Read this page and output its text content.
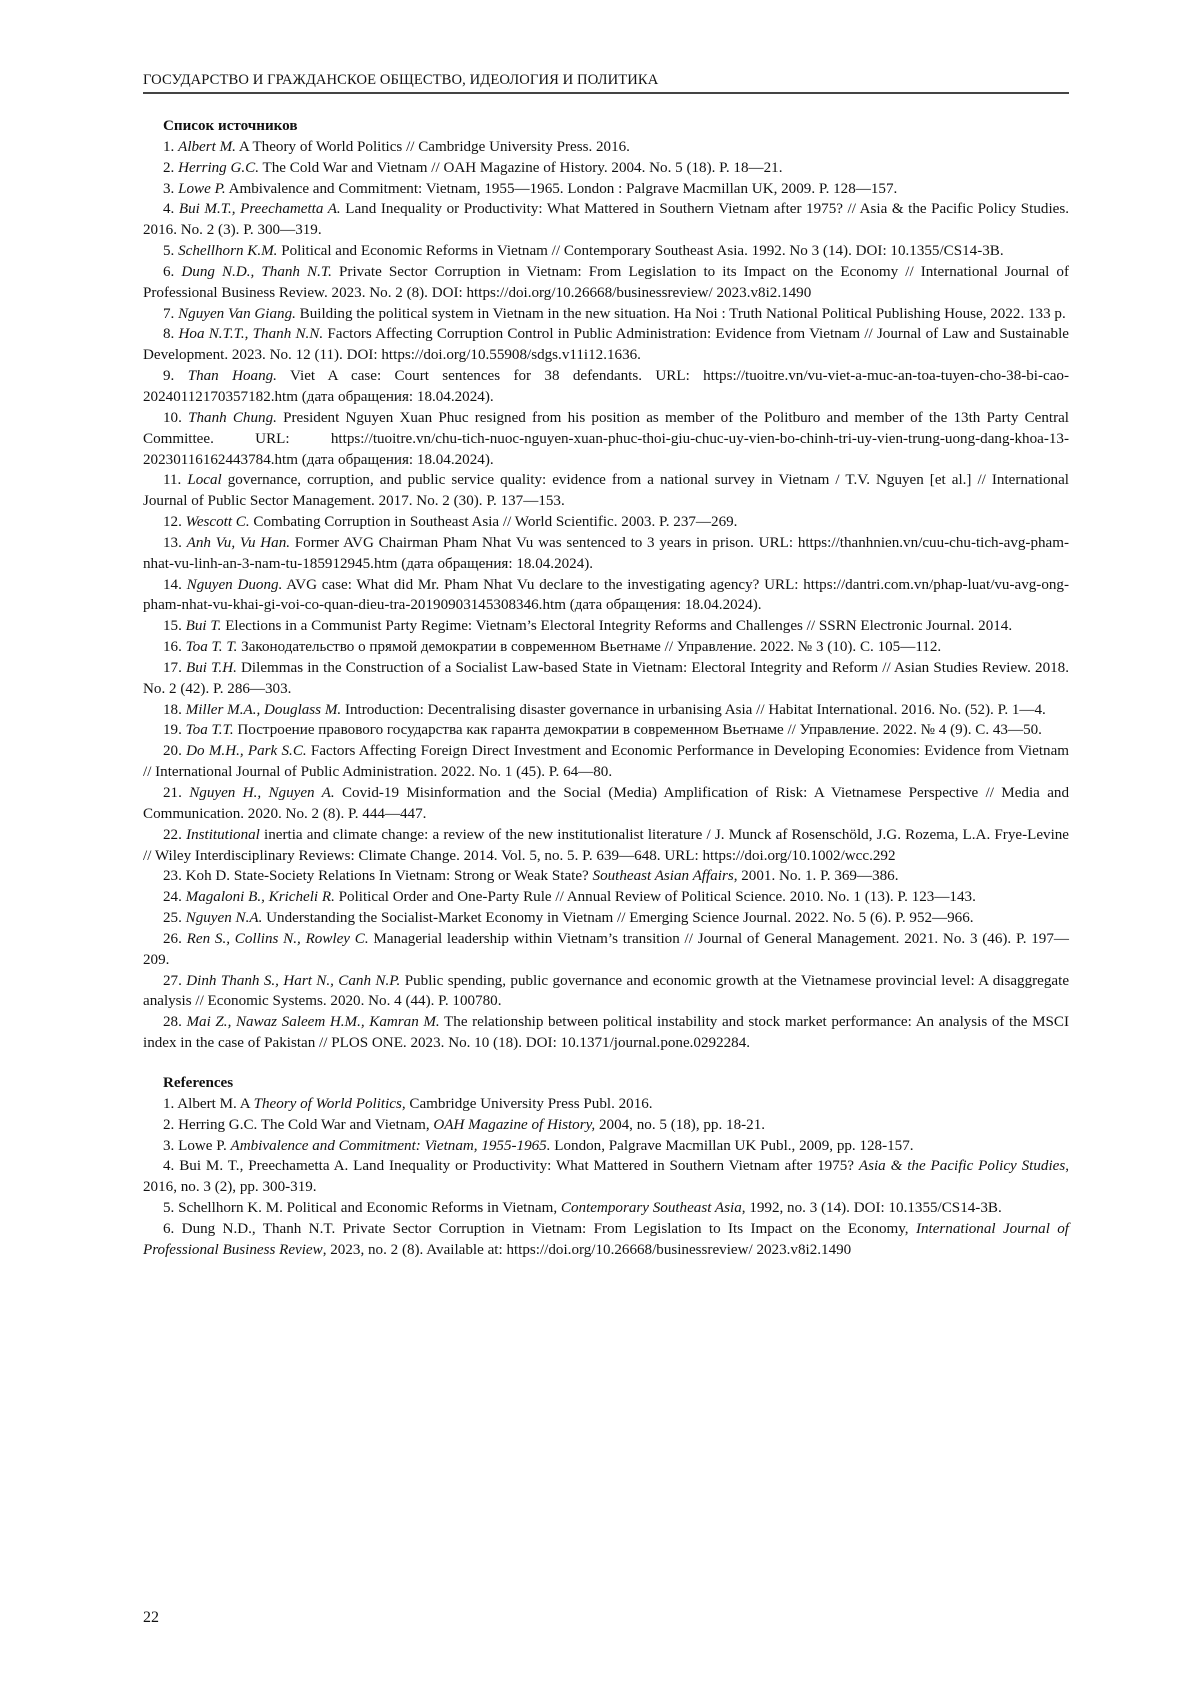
ГОСУДАРСТВО И ГРАЖДАНСКОЕ ОБЩЕСТВО, ИДЕОЛОГИЯ И ПОЛИТИКА
Список источников
1. Albert M. A Theory of World Politics // Cambridge University Press. 2016.
2. Herring G.C. The Cold War and Vietnam // OAH Magazine of History. 2004. No. 5 (18). P. 18—21.
3. Lowe P. Ambivalence and Commitment: Vietnam, 1955—1965. London : Palgrave Macmillan UK, 2009. P. 128—157.
4. Bui M.T., Preechametta A. Land Inequality or Productivity: What Mattered in Southern Vietnam after 1975? // Asia & the Pacific Policy Studies. 2016. No. 2 (3). P. 300—319.
5. Schellhorn K.M. Political and Economic Reforms in Vietnam // Contemporary Southeast Asia. 1992. No 3 (14). DOI: 10.1355/CS14-3B.
6. Dung N.D., Thanh N.T. Private Sector Corruption in Vietnam: From Legislation to its Impact on the Economy // International Journal of Professional Business Review. 2023. No. 2 (8). DOI: https://doi.org/10.26668/businessreview/ 2023.v8i2.1490
7. Nguyen Van Giang. Building the political system in Vietnam in the new situation. Ha Noi : Truth National Political Publishing House, 2022. 133 p.
8. Hoa N.T.T., Thanh N.N. Factors Affecting Corruption Control in Public Administration: Evidence from Vietnam // Journal of Law and Sustainable Development. 2023. No. 12 (11). DOI: https://doi.org/10.55908/sdgs.v11i12.1636.
9. Than Hoang. Viet A case: Court sentences for 38 defendants. URL: https://tuoitre.vn/vu-viet-a-muc-an-toa-tuyen-cho-38-bi-cao-20240112170357182.htm (дата обращения: 18.04.2024).
10. Thanh Chung. President Nguyen Xuan Phuc resigned from his position as member of the Politburo and member of the 13th Party Central Committee. URL: https://tuoitre.vn/chu-tich-nuoc-nguyen-xuan-phuc-thoi-giu-chuc-uy-vien-bo-chinh-tri-uy-vien-trung-uong-dang-khoa-13-20230116162443784.htm (дата обращения: 18.04.2024).
11. Local governance, corruption, and public service quality: evidence from a national survey in Vietnam / T.V. Nguyen [et al.] // International Journal of Public Sector Management. 2017. No. 2 (30). P. 137—153.
12. Wescott C. Combating Corruption in Southeast Asia // World Scientific. 2003. P. 237—269.
13. Anh Vu, Vu Han. Former AVG Chairman Pham Nhat Vu was sentenced to 3 years in prison. URL: https://thanhnien.vn/cuu-chu-tich-avg-pham-nhat-vu-linh-an-3-nam-tu-185912945.htm (дата обращения: 18.04.2024).
14. Nguyen Duong. AVG case: What did Mr. Pham Nhat Vu declare to the investigating agency? URL: https://dantri.com.vn/phap-luat/vu-avg-ong-pham-nhat-vu-khai-gi-voi-co-quan-dieu-tra-20190903145308346.htm (дата обращения: 18.04.2024).
15. Bui T. Elections in a Communist Party Regime: Vietnam’s Electoral Integrity Reforms and Challenges // SSRN Electronic Journal. 2014.
16. Toa T. T. Законодательство о прямой демократии в современном Вьетнаме // Управление. 2022. № 3 (10). С. 105—112.
17. Bui T.H. Dilemmas in the Construction of a Socialist Law-based State in Vietnam: Electoral Integrity and Reform // Asian Studies Review. 2018. No. 2 (42). P. 286—303.
18. Miller M.A., Douglass M. Introduction: Decentralising disaster governance in urbanising Asia // Habitat International. 2016. No. (52). P. 1—4.
19. Toa T.T. Построение правового государства как гаранта демократии в современном Вьетнаме // Управление. 2022. № 4 (9). С. 43—50.
20. Do M.H., Park S.C. Factors Affecting Foreign Direct Investment and Economic Performance in Developing Economies: Evidence from Vietnam // International Journal of Public Administration. 2022. No. 1 (45). P. 64—80.
21. Nguyen H., Nguyen A. Covid-19 Misinformation and the Social (Media) Amplification of Risk: A Vietnamese Perspective // Media and Communication. 2020. No. 2 (8). P. 444—447.
22. Institutional inertia and climate change: a review of the new institutionalist literature / J. Munck af Rosenschöld, J.G. Rozema, L.A. Frye-Levine // Wiley Interdisciplinary Reviews: Climate Change. 2014. Vol. 5, no. 5. P. 639—648. URL: https://doi.org/10.1002/wcc.292
23. Koh D. State-Society Relations In Vietnam: Strong or Weak State? Southeast Asian Affairs, 2001. No. 1. P. 369—386.
24. Magaloni B., Kricheli R. Political Order and One-Party Rule // Annual Review of Political Science. 2010. No. 1 (13). P. 123—143.
25. Nguyen N.A. Understanding the Socialist-Market Economy in Vietnam // Emerging Science Journal. 2022. No. 5 (6). P. 952—966.
26. Ren S., Collins N., Rowley C. Managerial leadership within Vietnam’s transition // Journal of General Management. 2021. No. 3 (46). P. 197—209.
27. Dinh Thanh S., Hart N., Canh N.P. Public spending, public governance and economic growth at the Vietnamese provincial level: A disaggregate analysis // Economic Systems. 2020. No. 4 (44). P. 100780.
28. Mai Z., Nawaz Saleem H.M., Kamran M. The relationship between political instability and stock market performance: An analysis of the MSCI index in the case of Pakistan // PLOS ONE. 2023. No. 10 (18). DOI: 10.1371/journal.pone.0292284.
References
1. Albert M. A Theory of World Politics, Cambridge University Press Publ. 2016.
2. Herring G.C. The Cold War and Vietnam, OAH Magazine of History, 2004, no. 5 (18), pp. 18-21.
3. Lowe P. Ambivalence and Commitment: Vietnam, 1955-1965. London, Palgrave Macmillan UK Publ., 2009, pp. 128-157.
4. Bui M. T., Preechametta A. Land Inequality or Productivity: What Mattered in Southern Vietnam after 1975? Asia & the Pacific Policy Studies, 2016, no. 3 (2), pp. 300-319.
5. Schellhorn K. M. Political and Economic Reforms in Vietnam, Contemporary Southeast Asia, 1992, no. 3 (14). DOI: 10.1355/CS14-3B.
6. Dung N.D., Thanh N.T. Private Sector Corruption in Vietnam: From Legislation to Its Impact on the Economy, International Journal of Professional Business Review, 2023, no. 2 (8). Available at: https://doi.org/10.26668/businessreview/ 2023.v8i2.1490
22
